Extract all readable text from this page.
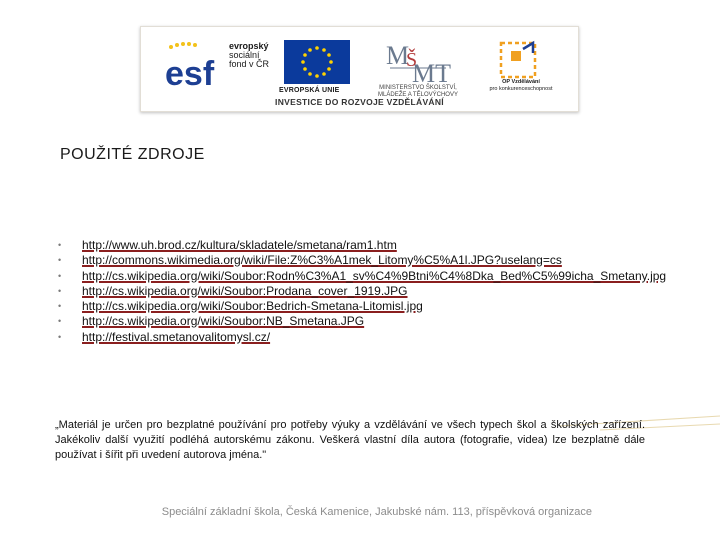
esf
evropský
sociální
fond v ČR
EVROPSKÁ UNIE
M
MT
Š
MINISTERSTVO ŠKOLSTVÍ,
MLÁDEŽE A TĚLOVÝCHOVY
OP Vzdělávání
pro konkurenceschopnost
INVESTICE DO ROZVOJE VZDĚLÁVÁNÍ
POUŽITÉ ZDROJE
• http://www.uh.brod.cz/kultura/skladatele/smetana/ram1.htm
• http://commons.wikimedia.org/wiki/File:Z%C3%A1mek_Litomy%C5%A1l.JPG?uselang=cs
• http://cs.wikipedia.org/wiki/Soubor:Rodn%C3%A1_sv%C4%9Btni%C4%8Dka_Bed%C5%99icha_Smetany.jpg
• http://cs.wikipedia.org/wiki/Soubor:Prodana_cover_1919.JPG
• http://cs.wikipedia.org/wiki/Soubor:Bedrich-Smetana-Litomisl.jpg
• http://cs.wikipedia.org/wiki/Soubor:NB_Smetana.JPG
• http://festival.smetanovalitomysl.cz/
„Materiál je určen pro bezplatné používání pro potřeby výuky a vzdělávání ve všech typech škol a školských zařízení. Jakékoliv další využití podléhá autorskému zákonu. Veškerá vlastní díla autora (fotografie, videa) lze bezplatně dále používat i šířit při uvedení autorova jména."
Speciální základní škola, Česká Kamenice, Jakubské nám. 113, příspěvková organizace
